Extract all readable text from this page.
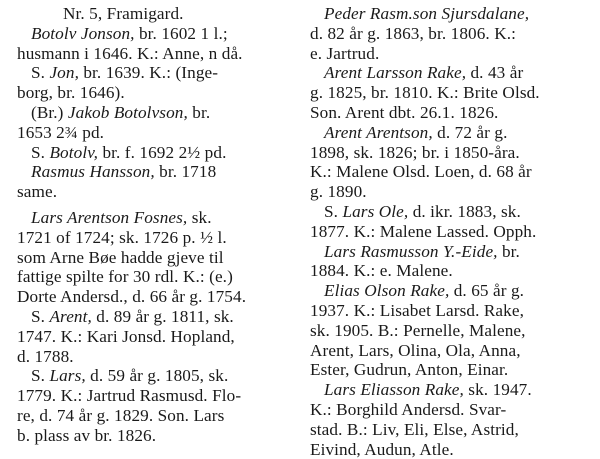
Nr. 5, Framigard.
Botolv Jonson, br. 1602 1 l.;
husmann i 1646. K.: Anne, n då.
S. Jon, br. 1639. K.: (Inge-
borg, br. 1646).
(Br.) Jakob Botolvson, br.
1653 2¾ pd.
S. Botolv, br. f. 1692 2½ pd.
Rasmus Hansson, br. 1718
same.
Lars Arentson Fosnes, sk.
1721 of 1724; sk. 1726 p. ½ l.
som Arne Bøe hadde gjeve til
fattige spilte for 30 rdl. K.: (e.)
Dorte Andersd., d. 66 år g. 1754.
S. Arent, d. 89 år g. 1811, sk.
1747. K.: Kari Jonsd. Hopland,
d. 1788.
S. Lars, d. 59 år g. 1805, sk.
1779. K.: Jartrud Rasmusd. Flo-
re, d. 74 år g. 1829. Son. Lars
b. plass av br. 1826.
Peder Rasm.son Sjursdalane,
d. 82 år g. 1863, br. 1806. K.:
e. Jartrud.
Arent Larsson Rake, d. 43 år
g. 1825, br. 1810. K.: Brite Olsd.
Son. Arent dbt. 26.1. 1826.
Arent Arentson, d. 72 år g.
1898, sk. 1826; br. i 1850-åra.
K.: Malene Olsd. Loen, d. 68 år
g. 1890.
S. Lars Ole, d. ikr. 1883, sk.
1877. K.: Malene Lassed. Opph.
Lars Rasmusson Y.-Eide, br.
1884. K.: e. Malene.
Elias Olson Rake, d. 65 år g.
1937. K.: Lisabet Larsd. Rake,
sk. 1905. B.: Pernelle, Malene,
Arent, Lars, Olina, Ola, Anna,
Ester, Gudrun, Anton, Einar.
Lars Eliasson Rake, sk. 1947.
K.: Borghild Andersd. Svar-
stad. B.: Liv, Eli, Else, Astrid,
Eivind, Audun, Atle.
